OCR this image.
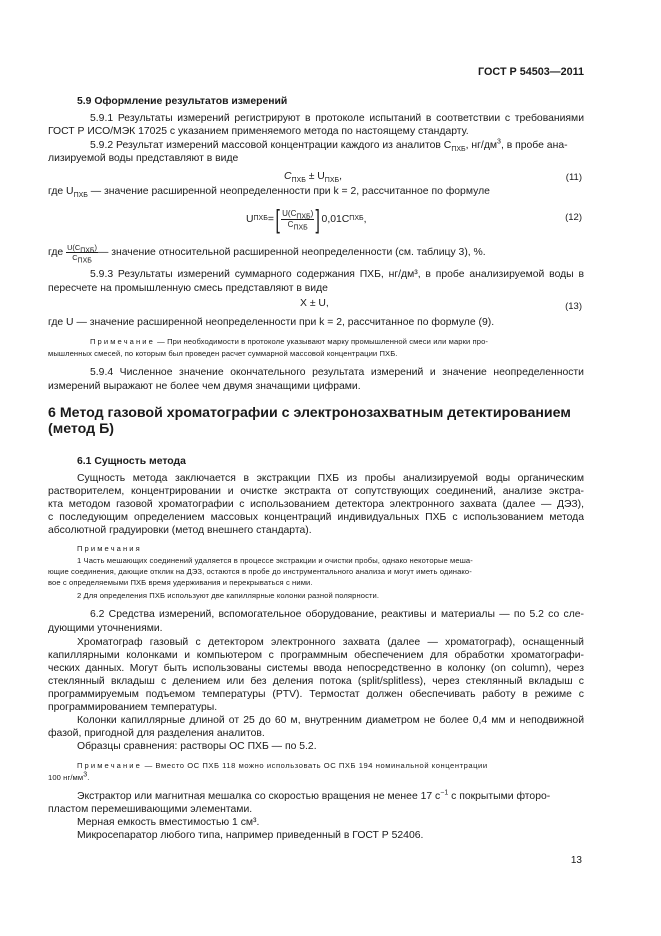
ГОСТ Р 54503—2011
5.9 Оформление результатов измерений
5.9.1 Результаты измерений регистрируют в протоколе испытаний в соответствии с требованиями
ГОСТ Р ИСО/МЭК 17025 с указанием применяемого метода по настоящему стандарту.
5.9.2 Результат измерений массовой концентрации каждого из аналитов $C_{ПХБ}$, $нг/дм^3$, в пробе ана-
лизируемой воды представляют в виде
$C_{ПХБ} \pm U_{ПХБ}$,	(11)
где $U_{ПХБ}$ — значение расширенной неопределенности при k = 2, рассчитанное по формуле
U ПХБ = [ $\frac{U(C_{ПХБ})}{C_{ПХБ}}$ ] 0,01C ПХБ ,	(12)
где
$\frac{U(C_{ПХБ})}{C_{ПХБ}}$ — значение относительной расширенной неопределенности (см. таблицу 3), %.
5.9.3 Результаты измерений суммарного содержания ПХБ, нг/дм³, в пробе анализируемой воды в
пересчете на промышленную смесь представляют в виде
X ± U,	(13)
где U — значение расширенной неопределенности при k = 2, рассчитанное по формуле (9).
Примечание — При необходимости в протоколе указывают марку промышленной смеси или марки про-
мышленных смесей, по которым был проведен расчет суммарной массовой концентрации ПХБ.
5.9.4 Численное значение окончательного результата измерений и значение неопределенности
измерений выражают не более чем двумя значащими цифрами.
6 Метод газовой хроматографии с электронозахватным детектированием
(метод Б)
6.1 Сущность метода
Сущность метода заключается в экстракции ПХБ из пробы анализируемой воды органическим
растворителем, концентрировании и очистке экстракта от сопутствующих соединений, анализе экстра-
кта методом газовой хроматографии с использованием детектора электронного захвата (далее — ДЭЗ),
с последующим определением массовых концентраций индивидуальных ПХБ с использованием метода
абсолютной градуировки (метод внешнего стандарта).
Примечания
1 Часть мешающих соединений удаляется в процессе экстракции и очистки пробы, однако некоторые меша-
ющие соединения, дающие отклик на ДЭЗ, остаются в пробе до инструментального анализа и могут иметь одинако-
вое с определяемыми ПХБ время удерживания и перекрываться с ними.
2 Для определения ПХБ используют две капиллярные колонки разной полярности.
6.2 Средства измерений, вспомогательное оборудование, реактивы и материалы — по 5.2 со сле-
дующими уточнениями.
Хроматограф газовый с детектором электронного захвата (далее — хроматограф), оснащенный
капиллярными колонками и компьютером с программным обеспечением для обработки хроматографи-
ческих данных. Могут быть использованы системы ввода непосредственно в колонку (on column), через
стеклянный вкладыш с делением или без деления потока (split/splitless), через стеклянный вкладыш с
программируемым подъемом температуры (PTV). Термостат должен обеспечивать работу в режиме с
программированием температуры.
Колонки капиллярные длиной от 25 до 60 м, внутренним диаметром не более 0,4 мм и неподвижной
фазой, пригодной для разделения аналитов.
Образцы сравнения: растворы ОС ПХБ — по 5.2.
Примечание — Вместо ОС ПХБ 118 можно использовать ОС ПХБ 194 номинальной концентрации
100 $нг/мм^3$.
Экстрактор или магнитная мешалка со скоростью вращения не менее 17 $с^{-1}$ с покрытыми фторо-
пластом перемешивающими элементами.
Мерная емкость вместимостью 1 см³.
Микросепаратор любого типа, например приведенный в ГОСТ Р 52406.
13
